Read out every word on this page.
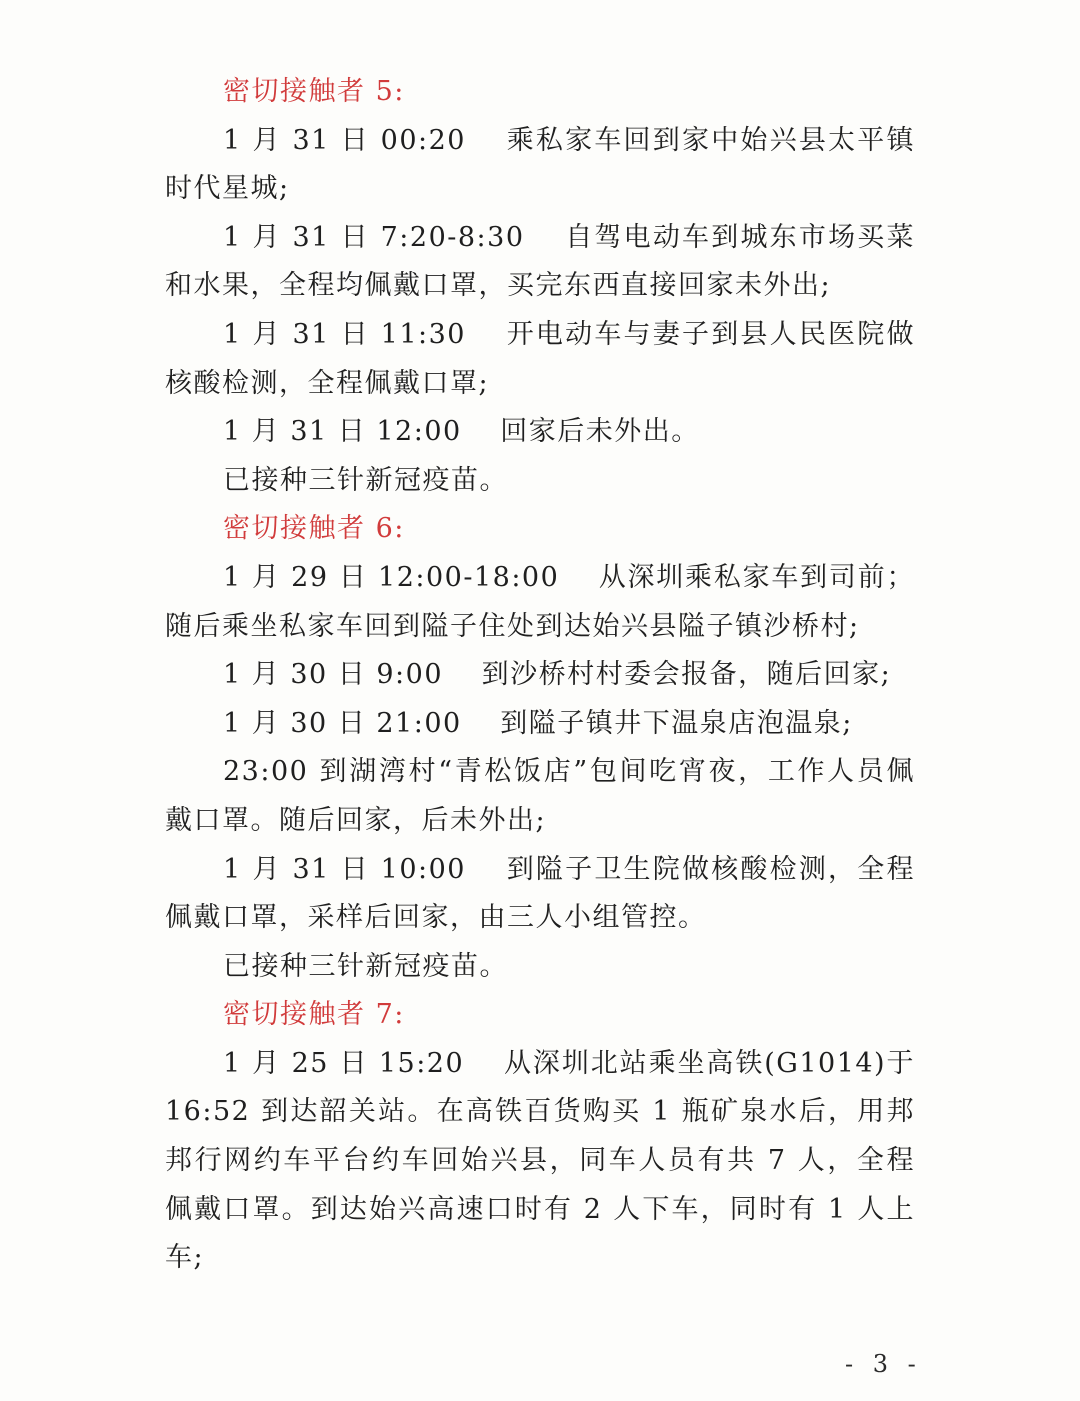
密切接触者 5:

1 月 31 日 00:20　 乘私家车回到家中始兴县太平镇时代星城;

1 月 31 日 7:20-8:30　 自驾电动车到城东市场买菜和水果，全程均佩戴口罩，买完东西直接回家未外出;

1 月 31 日 11:30　 开电动车与妻子到县人民医院做核酸检测，全程佩戴口罩;

1 月 31 日 12:00　 回家后未外出。

已接种三针新冠疫苗。

密切接触者 6:

1 月 29 日 12:00-18:00　 从深圳乘私家车到司前；随后乘坐私家车回到隘子住处到达始兴县隘子镇沙桥村;

1 月 30 日 9:00　 到沙桥村村委会报备，随后回家;

1 月 30 日 21:00　 到隘子镇井下温泉店泡温泉;

23:00 到湖湾村“青松饭店”包间吃宵夜，工作人员佩戴口罩。随后回家，后未外出;

1 月 31 日 10:00　 到隘子卫生院做核酸检测，全程佩戴口罩，采样后回家，由三人小组管控。

已接种三针新冠疫苗。

密切接触者 7:

1 月 25 日 15:20　 从深圳北站乘坐高铁(G1014)于 16:52 到达韶关站。在高铁百货购买 1 瓶矿泉水后，用邦邦行网约车平台约车回始兴县，同车人员有共 7 人，全程佩戴口罩。到达始兴高速口时有 2 人下车，同时有 1 人上车;

- 3 -
